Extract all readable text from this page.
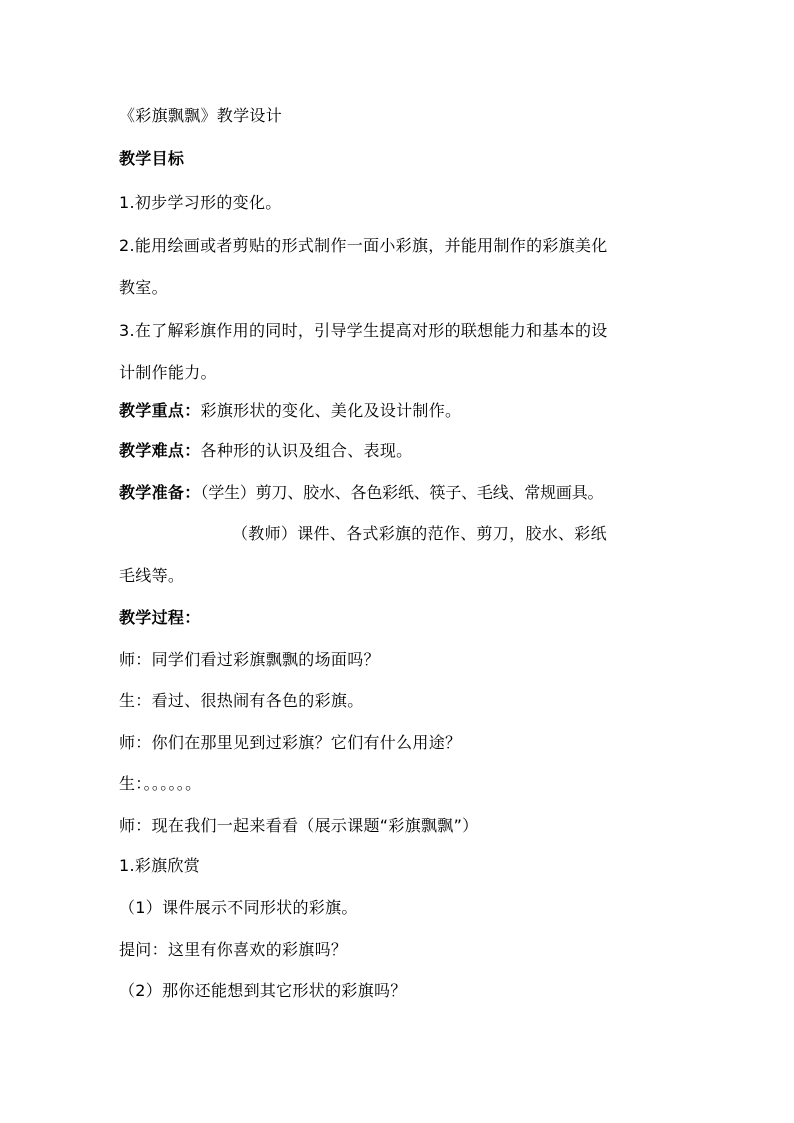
《彩旗飘飘》教学设计
教学目标
1.初步学习形的变化。
2.能用绘画或者剪贴的形式制作一面小彩旗，并能用制作的彩旗美化
教室。
3.在了解彩旗作用的同时，引导学生提高对形的联想能力和基本的设
计制作能力。
教学重点：彩旗形状的变化、美化及设计制作。
教学难点：各种形的认识及组合、表现。
教学准备：（学生）剪刀、胶水、各色彩纸、筷子、毛线、常规画具。
（教师）课件、各式彩旗的范作、剪刀，胶水、彩纸
毛线等。
教学过程：
师：同学们看过彩旗飘飘的场面吗？
生：看过、很热闹有各色的彩旗。
师：你们在那里见到过彩旗？它们有什么用途？
生：。。。。。。
师：现在我们一起来看看（展示课题“彩旗飘飘”）
1.彩旗欣赏
（1）课件展示不同形状的彩旗。
提问：这里有你喜欢的彩旗吗？
（2）那你还能想到其它形状的彩旗吗？
